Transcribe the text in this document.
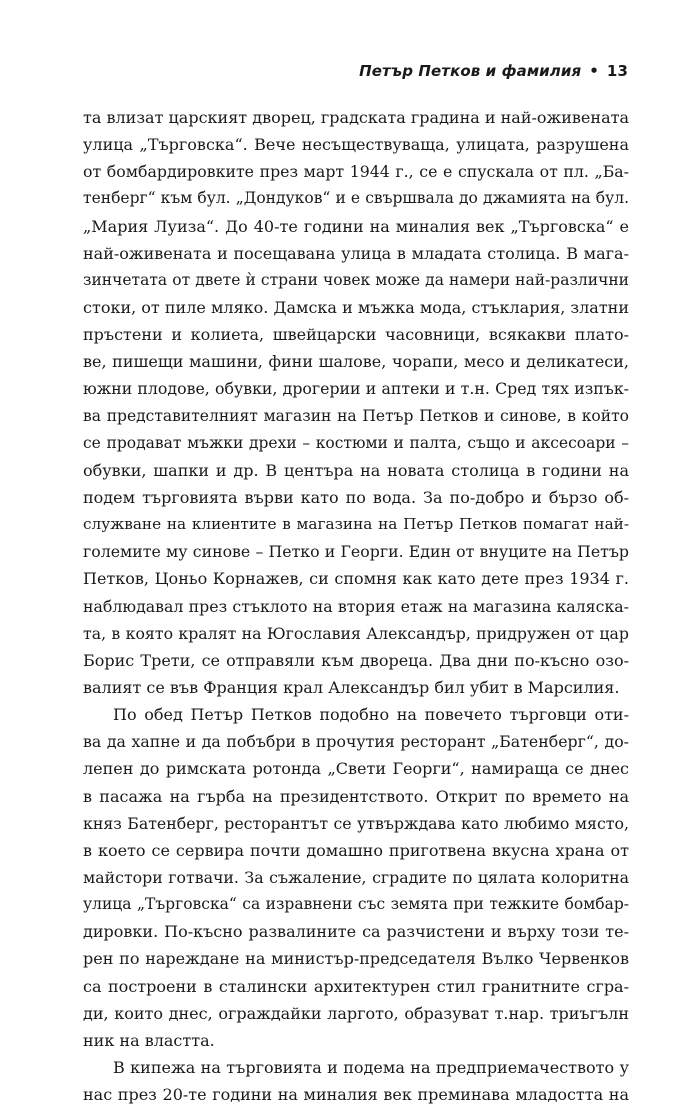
Петър Петков и фамилия • 13
та влизат царският дворец, градската градина и най-оживената
улица „Търговска“. Вече несъществуваща, улицата, разрушена
от бомбардировките през март 1944 г., се е спускала от пл. „Ба-
тенберг“ към бул. „Дондуков“ и е свършвала до джамията на бул.
„Мария Луиза“. До 40-те години на миналия век „Търговска“ е
най-оживената и посещавана улица в младата столица. В мага-
зинчетата от двете ѝ страни човек може да намери най-различни
стоки, от пиле мляко. Дамска и мъжка мода, стъклария, златни
пръстени и колиета, швейцарски часовници, всякакви плато-
ве, пишещи машини, фини шалове, чорапи, месо и деликатеси,
южни плодове, обувки, дрогерии и аптеки и т.н. Сред тях изпък-
ва представителният магазин на Петър Петков и синове, в който
се продават мъжки дрехи – костюми и палта, също и аксесоари –
обувки, шапки и др. В центъра на новата столица в години на
подем търговията върви като по вода. За по-добро и бързо об-
служване на клиентите в магазина на Петър Петков помагат най-
големите му синове – Петко и Георги. Един от внуците на Петър
Петков, Цоньо Корнажев, си спомня как като дете през 1934 г.
наблюдавал през стъклото на втория етаж на магазина каляска-
та, в която кралят на Югославия Александър, придружен от цар
Борис Трети, се отправяли към двореца. Два дни по-късно озо-
валият се във Франция крал Александър бил убит в Марсилия.
По обед Петър Петков подобно на повечето търговци оти-
ва да хапне и да побъбри в прочутия ресторант „Батенберг“, до-
лепен до римската ротонда „Свети Георги“, намираща се днес
в пасажа на гърба на президентството. Открит по времето на
княз Батенберг, ресторантът се утвърждава като любимо място,
в което се сервира почти домашно приготвена вкусна храна от
майстори готвачи. За съжаление, сградите по цялата колоритна
улица „Търговска“ са изравнени със земята при тежките бомбар-
дировки. По-късно развалините са разчистени и върху този те-
рен по нареждане на министър-председателя Вълко Червенков
са построени в сталински архитектурен стил гранитните сгра-
ди, които днес, ограждайки ларгото, образуват т.нар. триъгълн
ник на властта.
В кипежа на търговията и подема на предприемачеството у
нас през 20-те години на миналия век преминава младостта на
